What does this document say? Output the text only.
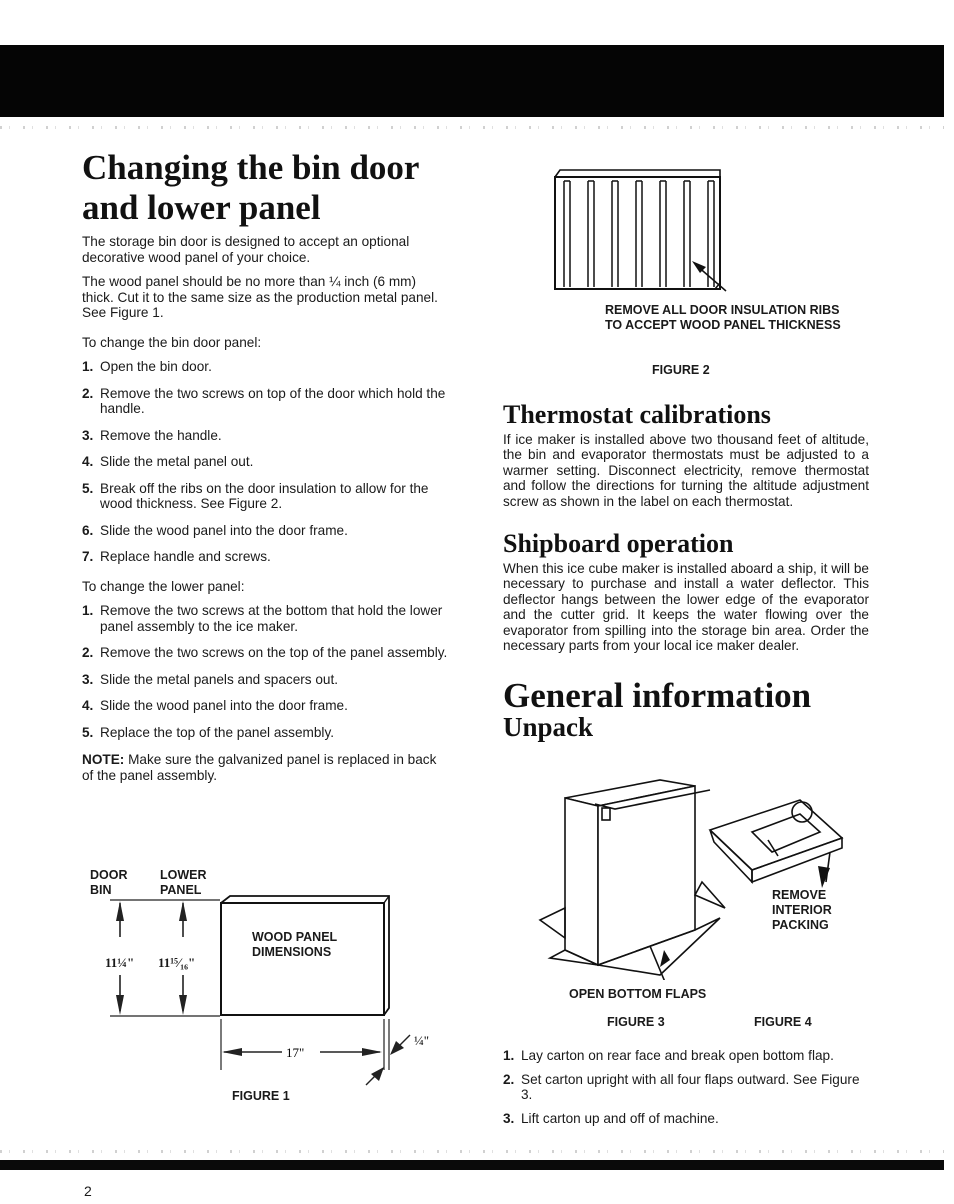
Changing the bin door and lower panel

The storage bin door is designed to accept an optional decorative wood panel of your choice.

The wood panel should be no more than ¼ inch (6 mm) thick. Cut it to the same size as the production metal panel. See Figure 1.

To change the bin door panel:

1. Open the bin door.
2. Remove the two screws on top of the door which hold the handle.
3. Remove the handle.
4. Slide the metal panel out.
5. Break off the ribs on the door insulation to allow for the wood thickness. See Figure 2.
6. Slide the wood panel into the door frame.
7. Replace handle and screws.

To change the lower panel:

1. Remove the two screws at the bottom that hold the lower panel assembly to the ice maker.
2. Remove the two screws on the top of the panel assembly.
3. Slide the metal panels and spacers out.
4. Slide the wood panel into the door frame.
5. Replace the top of the panel assembly.

NOTE: Make sure the galvanized panel is replaced in back of the panel assembly.

DOOR BIN
LOWER PANEL
17"
¼"
11¼" 11¹⁵⁄₁₆"
WOOD PANEL DIMENSIONS
FIGURE 1
REMOVE ALL DOOR INSULATION RIBS TO ACCEPT WOOD PANEL THICKNESS
FIGURE 2
Thermostat calibrations

If ice maker is installed above two thousand feet of altitude, the bin and evaporator thermostats must be adjusted to a warmer setting. Disconnect electricity, remove thermostat and follow the directions for turning the altitude adjustment screw as shown in the label on each thermostat.

Shipboard operation

When this ice cube maker is installed aboard a ship, it will be necessary to purchase and install a water deflector. This deflector hangs between the lower edge of the evaporator and the cutter grid. It keeps the water flowing over the evaporator from spilling into the storage bin area. Order the necessary parts from your local ice maker dealer.

General information
Unpack
REMOVE INTERIOR PACKING
OPEN BOTTOM FLAPS
FIGURE 3	FIGURE 4
1. Lay carton on rear face and break open bottom flap.
2. Set carton upright with all four flaps outward. See Figure 3.
3. Lift carton up and off of machine.
2
